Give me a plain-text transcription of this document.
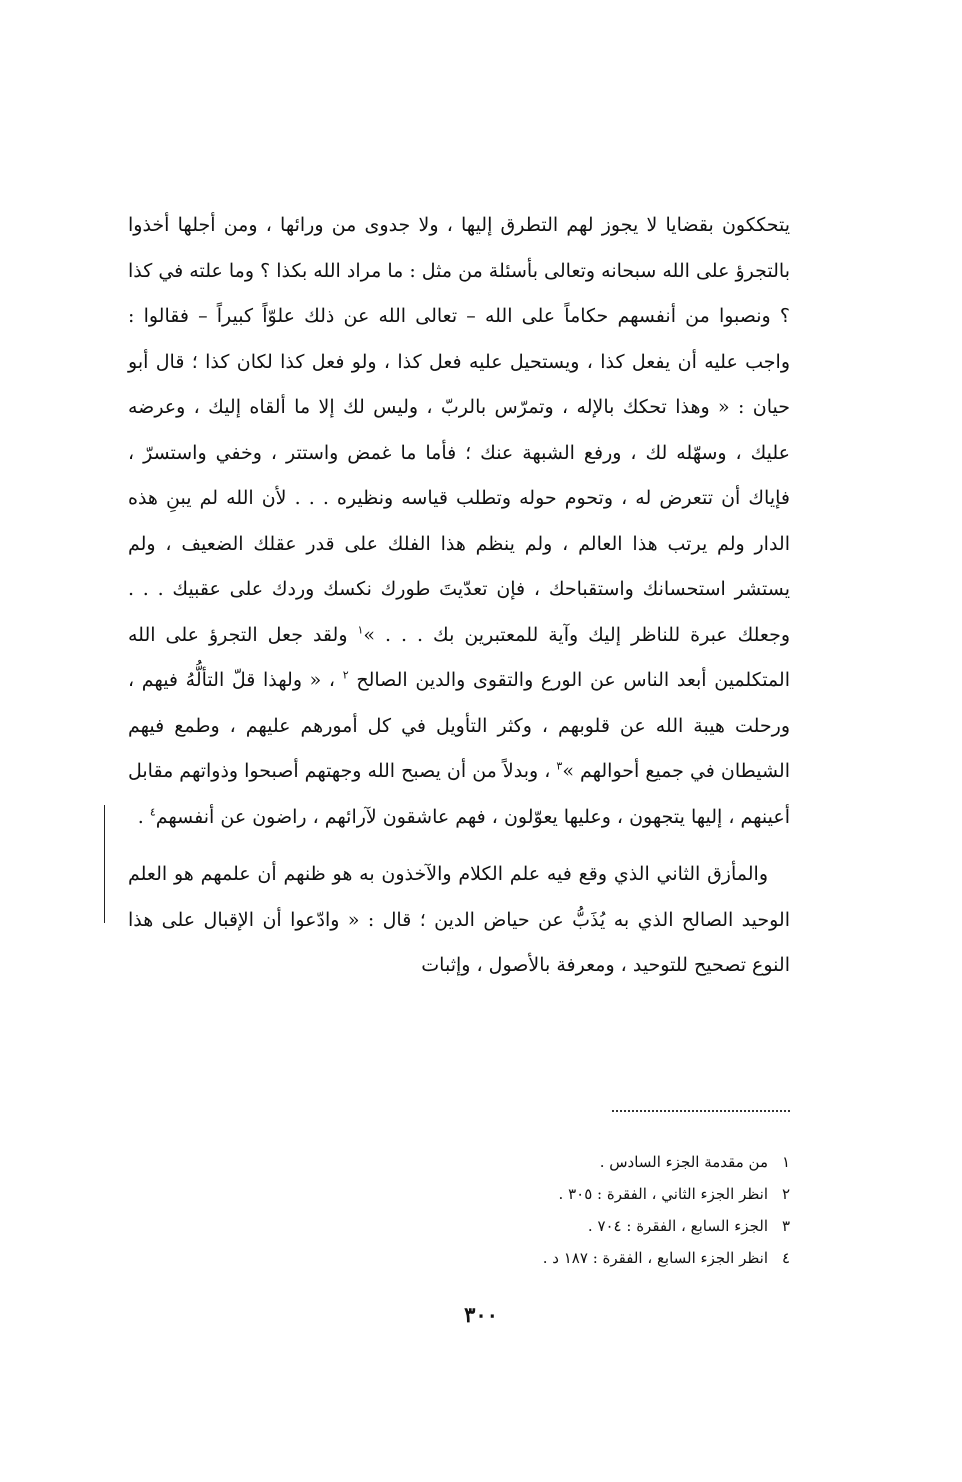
يتحككون بقضايا لا يجوز لهم التطرق إليها ، ولا جدوى من ورائها ، ومن أجلها أخذوا بالتجرؤ على الله سبحانه وتعالى بأسئلة من مثل : ما مراد الله بكذا ؟ وما علته في كذا ؟ ونصبوا من أنفسهم حكاماً على الله – تعالى الله عن ذلك علوّاً كبيراً – فقالوا : واجب عليه أن يفعل كذا ، ويستحيل عليه فعل كذا ، ولو فعل كذا لكان كذا ؛ قال أبو حيان : « وهذا تحكك بالإله ، وتمرّس بالربّ ، وليس لك إلا ما ألقاه إليك ، وعرضه عليك ، وسهّله لك ، ورفع الشبهة عنك ؛ فأما ما غمض واستتر ، وخفي واستسرّ ، فإياك أن تتعرض له ، وتحوم حوله وتطلب قياسه ونظيره . . . لأن الله لم يبنِ هذه الدار ولم يرتب هذا العالم ، ولم ينظم هذا الفلك على قدر عقلك الضعيف ، ولم يستشر استحسانك واستقباحك ، فإن تعدّيتَ طورك نكسك وردك على عقبيك . . . وجعلك عبرة للناظر إليك وآية للمعتبرين بك . . . »$^١$ ولقد جعل التجرؤ على الله المتكلمين أبعد الناس عن الورع والتقوى والدين الصالح $^٢$ ، « ولهذا قلّ التألُّهُ فيهم ، ورحلت هيبة الله عن قلوبهم ، وكثر التأويل في كل أمورهم عليهم ، وطمع فيهم الشيطان في جميع أحوالهم »$^٣$ ، وبدلاً من أن يصبح الله وجهتهم أصبحوا وذواتهم مقابل أعينهم ، إليها يتجهون ، وعليها يعوّلون ، فهم عاشقون لآرائهم ، راضون عن أنفسهم$^٤$ .

والمأزق الثاني الذي وقع فيه علم الكلام والآخذون به هو ظنهم أن علمهم هو العلم الوحيد الصالح الذي به يُذَبُّ عن حياض الدين ؛ قال : « وادّعوا أن الإقبال على هذا النوع تصحيح للتوحيد ، ومعرفة بالأصول ، وإثبات

١من مقدمة الجزء السادس .
٢انظر الجزء الثاني ، الفقرة : ٣٠٥ .
٣الجزء السابع ، الفقرة : ٧٠٤ .
٤انظر الجزء السابع ، الفقرة : ١٨٧ د .
٣٠٠
